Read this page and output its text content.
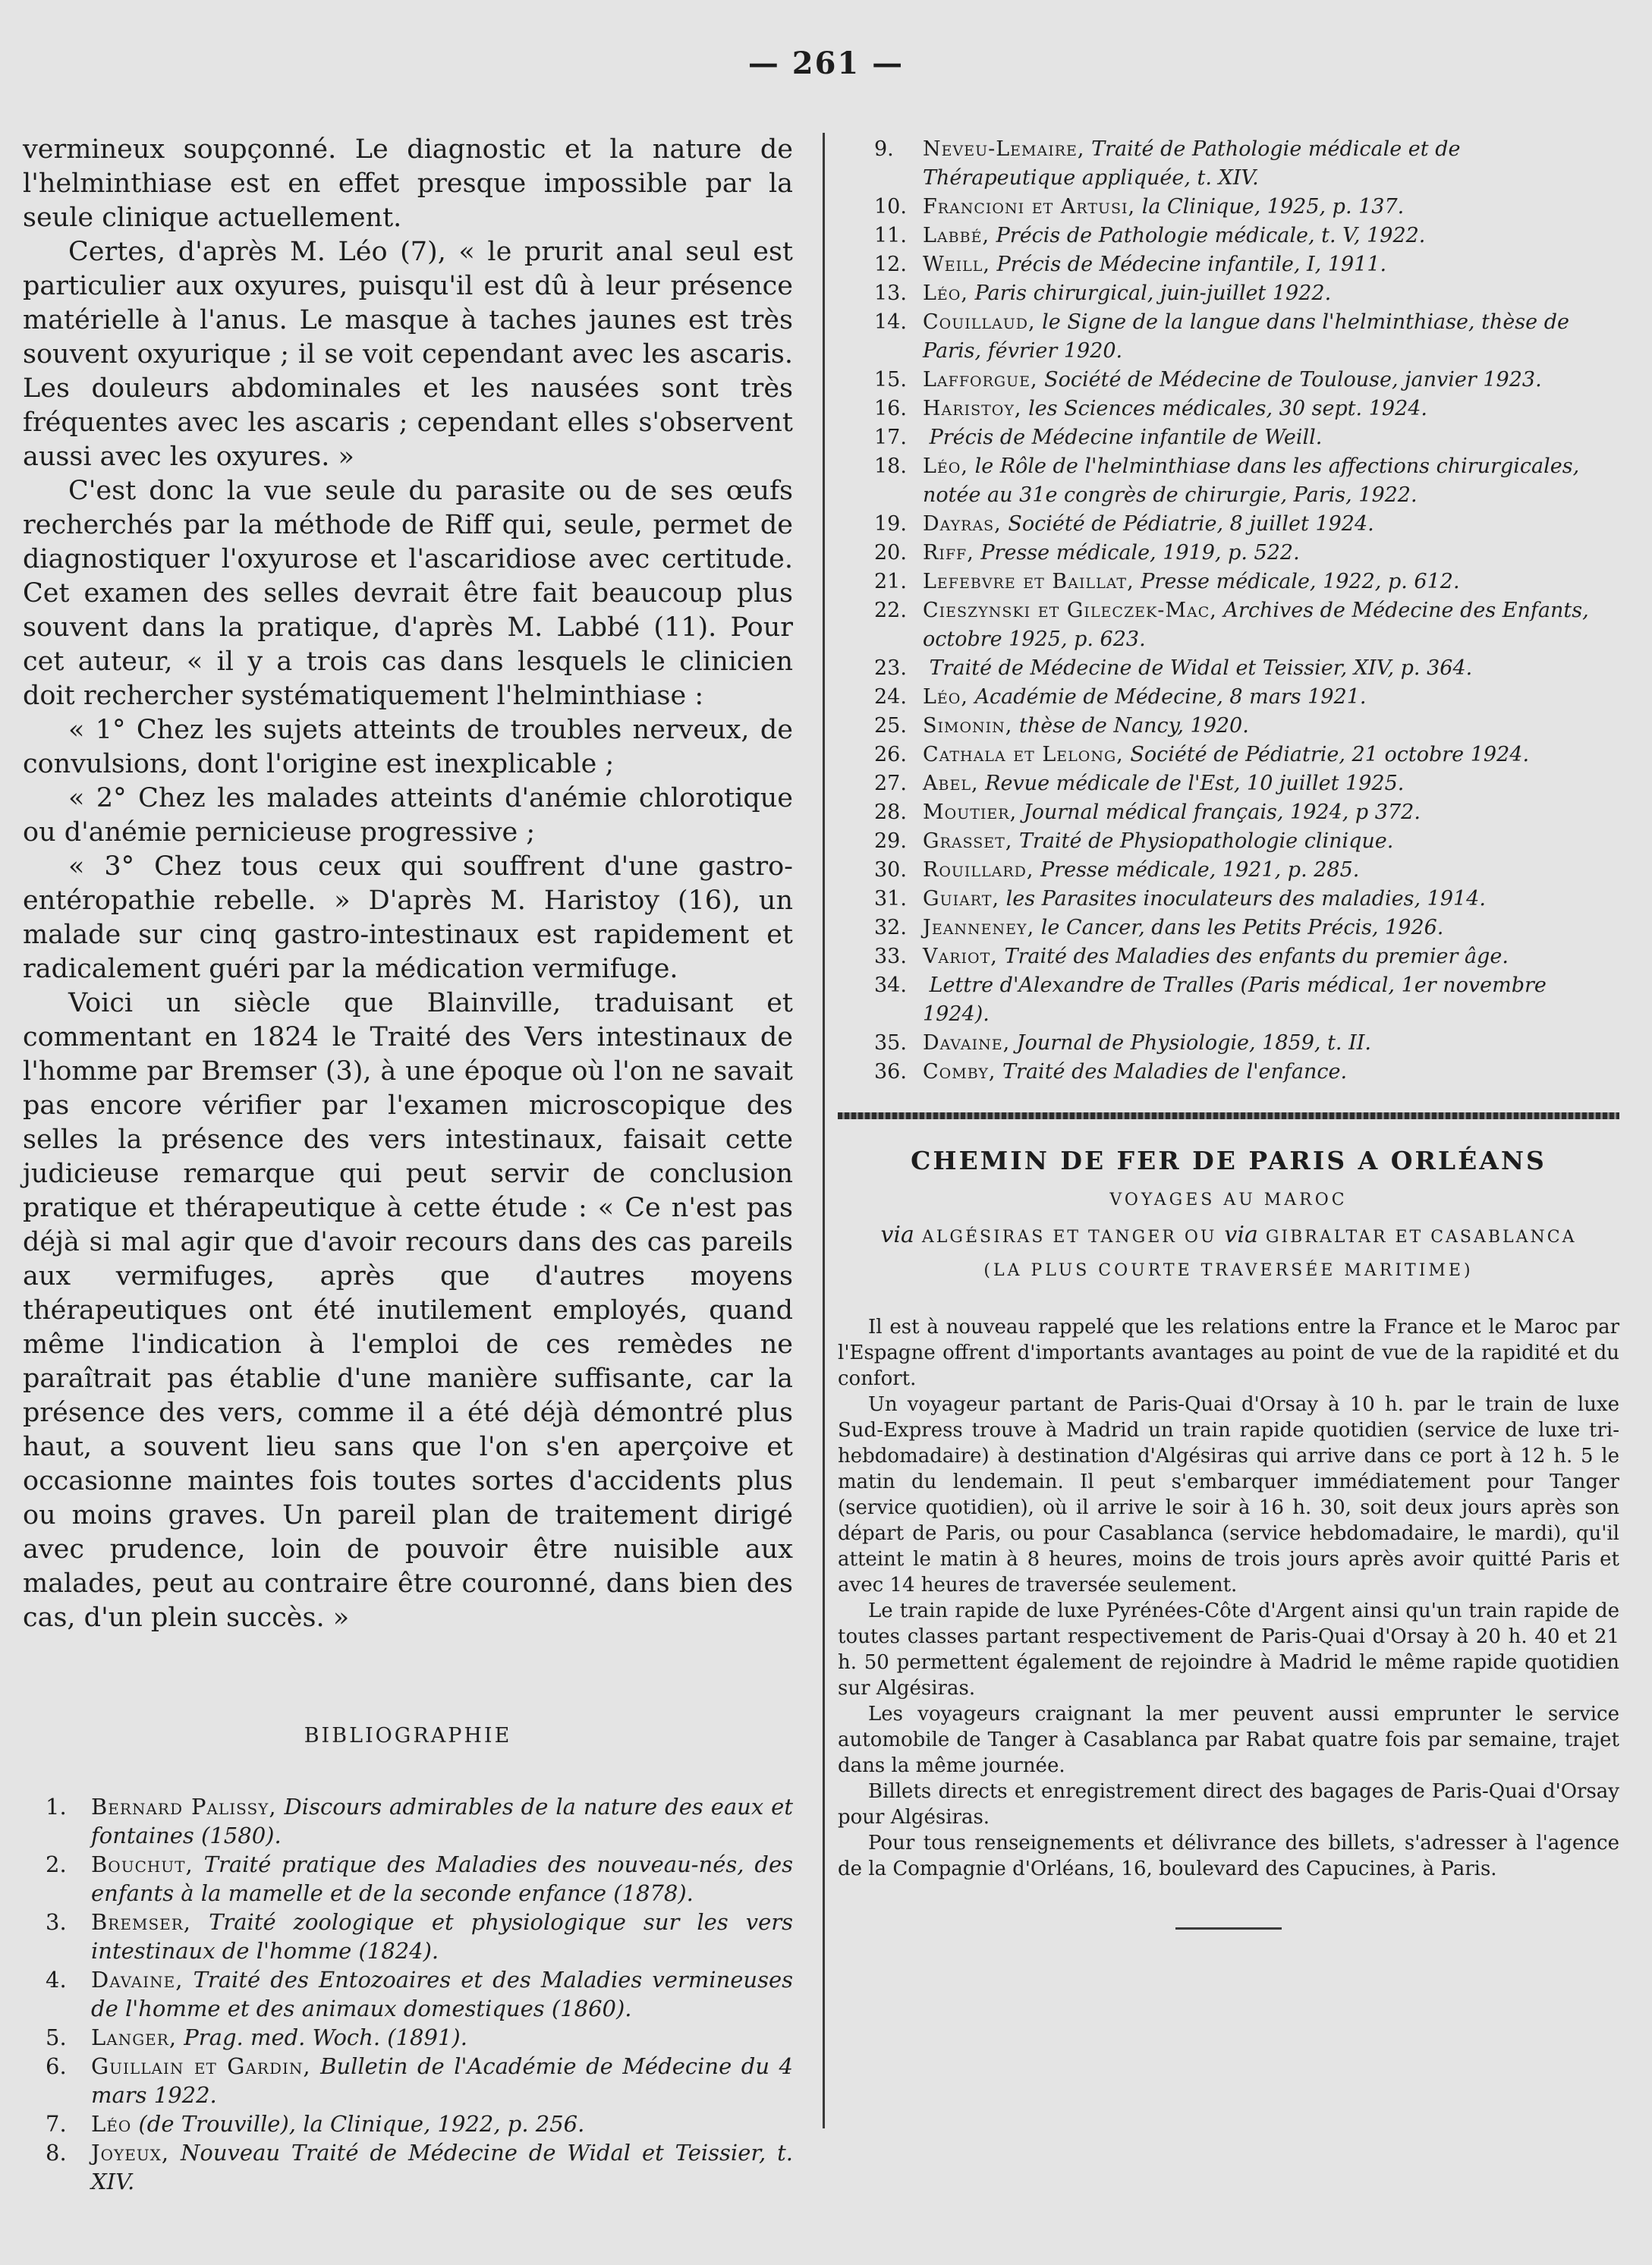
— 261 —

vermineux soupçonné. Le diagnostic et la nature de l'helminthiase est en effet presque impossible par la seule clinique actuellement.

Certes, d'après M. Léo (7), « le prurit anal seul est particulier aux oxyures, puisqu'il est dû à leur présence matérielle à l'anus. Le masque à taches jaunes est très souvent oxyurique ; il se voit cependant avec les ascaris. Les douleurs abdominales et les nausées sont très fréquentes avec les ascaris ; cependant elles s'observent aussi avec les oxyures. »

C'est donc la vue seule du parasite ou de ses œufs recherchés par la méthode de Riff qui, seule, permet de diagnostiquer l'oxyurose et l'ascaridiose avec certitude. Cet examen des selles devrait être fait beaucoup plus souvent dans la pratique, d'après M. Labbé (11). Pour cet auteur, « il y a trois cas dans lesquels le clinicien doit rechercher systématiquement l'helminthiase :

« 1° Chez les sujets atteints de troubles nerveux, de convulsions, dont l'origine est inexplicable ;

« 2° Chez les malades atteints d'anémie chlorotique ou d'anémie pernicieuse progressive ;

« 3° Chez tous ceux qui souffrent d'une gastro-entéropathie rebelle. » D'après M. Haristoy (16), un malade sur cinq gastro-intestinaux est rapidement et radicalement guéri par la médication vermifuge.

Voici un siècle que Blainville, traduisant et commentant en 1824 le Traité des Vers intestinaux de l'homme par Bremser (3), à une époque où l'on ne savait pas encore vérifier par l'examen microscopique des selles la présence des vers intestinaux, faisait cette judicieuse remarque qui peut servir de conclusion pratique et thérapeutique à cette étude : « Ce n'est pas déjà si mal agir que d'avoir recours dans des cas pareils aux vermifuges, après que d'autres moyens thérapeutiques ont été inutilement employés, quand même l'indication à l'emploi de ces remèdes ne paraîtrait pas établie d'une manière suffisante, car la présence des vers, comme il a été déjà démontré plus haut, a souvent lieu sans que l'on s'en aperçoive et occasionne maintes fois toutes sortes d'accidents plus ou moins graves. Un pareil plan de traitement dirigé avec prudence, loin de pouvoir être nuisible aux malades, peut au contraire être couronné, dans bien des cas, d'un plein succès. »

BIBLIOGRAPHIE
1. Bernard Palissy, Discours admirables de la nature des eaux et fontaines (1580).
2. Bouchut, Traité pratique des Maladies des nouveau-nés, des enfants à la mamelle et de la seconde enfance (1878).
3. Bremser, Traité zoologique et physiologique sur les vers intestinaux de l'homme (1824).
4. Davaine, Traité des Entozoaires et des Maladies vermineuses de l'homme et des animaux domestiques (1860).
5. Langer, Prag. med. Woch. (1891).
6. Guillain et Gardin, Bulletin de l'Académie de Médecine du 4 mars 1922.
7. Léo (de Trouville), la Clinique, 1922, p. 256.
8. Joyeux, Nouveau Traité de Médecine de Widal et Teissier, t. XIV.
9. Neveu-Lemaire, Traité de Pathologie médicale et de Thérapeutique appliquée, t. XIV.
10. Francioni et Artusi, la Clinique, 1925, p. 137.
11. Labbé, Précis de Pathologie médicale, t. V, 1922.
12. Weill, Précis de Médecine infantile, I, 1911.
13. Léo, Paris chirurgical, juin-juillet 1922.
14. Couillaud, le Signe de la langue dans l'helminthiase, thèse de Paris, février 1920.
15. Lafforgue, Société de Médecine de Toulouse, janvier 1923.
16. Haristoy, les Sciences médicales, 30 sept. 1924.
17. Précis de Médecine infantile de Weill.
18. Léo, le Rôle de l'helminthiase dans les affections chirurgicales, notée au 31e congrès de chirurgie, Paris, 1922.
19. Dayras, Société de Pédiatrie, 8 juillet 1924.
20. Riff, Presse médicale, 1919, p. 522.
21. Lefebvre et Baillat, Presse médicale, 1922, p. 612.
22. Cieszynski et Gileczek-Mac, Archives de Médecine des Enfants, octobre 1925, p. 623.
23. Traité de Médecine de Widal et Teissier, XIV, p. 364.
24. Léo, Académie de Médecine, 8 mars 1921.
25. Simonin, thèse de Nancy, 1920.
26. Cathala et Lelong, Société de Pédiatrie, 21 octobre 1924.
27. Abel, Revue médicale de l'Est, 10 juillet 1925.
28. Moutier, Journal médical français, 1924, p 372.
29. Grasset, Traité de Physiopathologie clinique.
30. Rouillard, Presse médicale, 1921, p. 285.
31. Guiart, les Parasites inoculateurs des maladies, 1914.
32. Jeanneney, le Cancer, dans les Petits Précis, 1926.
33. Variot, Traité des Maladies des enfants du premier âge.
34. Lettre d'Alexandre de Tralles (Paris médical, 1er novembre 1924).
35. Davaine, Journal de Physiologie, 1859, t. II.
36. Comby, Traité des Maladies de l'enfance.
CHEMIN DE FER DE PARIS A ORLÉANS
VOYAGES AU MAROC
via ALGÉSIRAS ET TANGER OU via GIBRALTAR ET CASABLANCA
(LA PLUS COURTE TRAVERSÉE MARITIME)

Il est à nouveau rappelé que les relations entre la France et le Maroc par l'Espagne offrent d'importants avantages au point de vue de la rapidité et du confort.

Un voyageur partant de Paris-Quai d'Orsay à 10 h. par le train de luxe Sud-Express trouve à Madrid un train rapide quotidien (service de luxe tri-hebdomadaire) à destination d'Algésiras qui arrive dans ce port à 12 h. 5 le matin du lendemain. Il peut s'embarquer immédiatement pour Tanger (service quotidien), où il arrive le soir à 16 h. 30, soit deux jours après son départ de Paris, ou pour Casablanca (service hebdomadaire, le mardi), qu'il atteint le matin à 8 heures, moins de trois jours après avoir quitté Paris et avec 14 heures de traversée seulement.

Le train rapide de luxe Pyrénées-Côte d'Argent ainsi qu'un train rapide de toutes classes partant respectivement de Paris-Quai d'Orsay à 20 h. 40 et 21 h. 50 permettent également de rejoindre à Madrid le même rapide quotidien sur Algésiras.

Les voyageurs craignant la mer peuvent aussi emprunter le service automobile de Tanger à Casablanca par Rabat quatre fois par semaine, trajet dans la même journée.

Billets directs et enregistrement direct des bagages de Paris-Quai d'Orsay pour Algésiras.

Pour tous renseignements et délivrance des billets, s'adresser à l'agence de la Compagnie d'Orléans, 16, boulevard des Capucines, à Paris.
